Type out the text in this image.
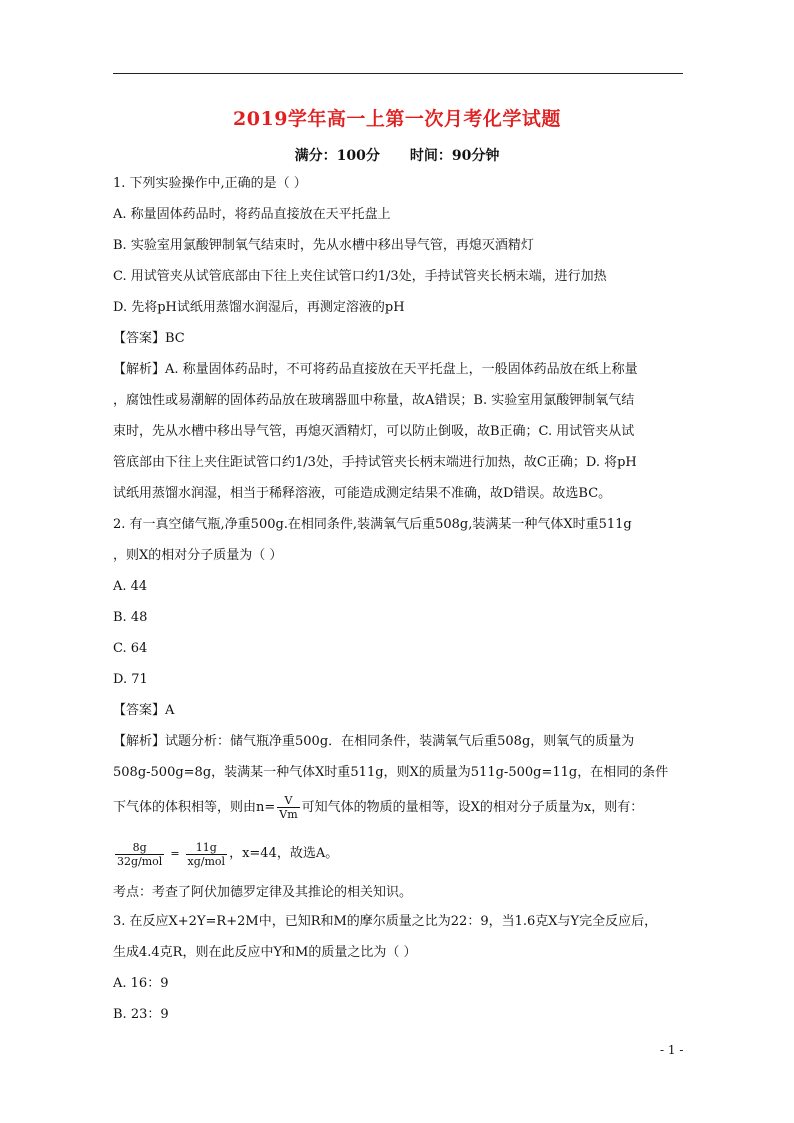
2019学年高一上第一次月考化学试题
满分：100分 时间：90分钟
1. 下列实验操作中,正确的是（ ）
A. 称量固体药品时，将药品直接放在天平托盘上
B. 实验室用氯酸钾制氧气结束时，先从水槽中移出导气管，再熄灭酒精灯
C. 用试管夹从试管底部由下往上夹住试管口约1/3处，手持试管夹长柄末端，进行加热
D. 先将pH试纸用蒸馏水润湿后，再测定溶液的pH
【答案】BC
【解析】A. 称量固体药品时，不可将药品直接放在天平托盘上，一般固体药品放在纸上称量
，腐蚀性或易潮解的固体药品放在玻璃器皿中称量，故A错误；B. 实验室用氯酸钾制氧气结
束时，先从水槽中移出导气管，再熄灭酒精灯，可以防止倒吸，故B正确；C. 用试管夹从试
管底部由下往上夹住距试管口约1/3处，手持试管夹长柄末端进行加热，故C正确；D. 将pH
试纸用蒸馏水润湿，相当于稀释溶液，可能造成测定结果不准确，故D错误。故选BC。
2. 有一真空储气瓶,净重500g.在相同条件,装满氧气后重508g,装满某一种气体X时重511g
，则X的相对分子质量为（ ）
A. 44
B. 48
C. 64
D. 71
【答案】A
【解析】试题分析：储气瓶净重500g．在相同条件，装满氧气后重508g，则氧气的质量为
508g-500g=8g，装满某一种气体X时重511g，则X的质量为511g-500g=11g，在相同的条件
下气体的体积相等，则由$n= \frac{V}{Vm}$ 可知气体的物质的量相等，设X的相对分子质量为x，则有：
$\frac{8g}{\text{32g/mol}} = \frac{11g}{\text{xg/mol}}$ ，x=44，故选A。
考点：考查了阿伏加德罗定律及其推论的相关知识。
3. 在反应X+2Y=R+2M中，已知R和M的摩尔质量之比为22：9，当1.6克X与Y完全反应后，
生成4.4克R，则在此反应中Y和M的质量之比为（ ）
A. 16：9
B. 23：9
- 1 -
